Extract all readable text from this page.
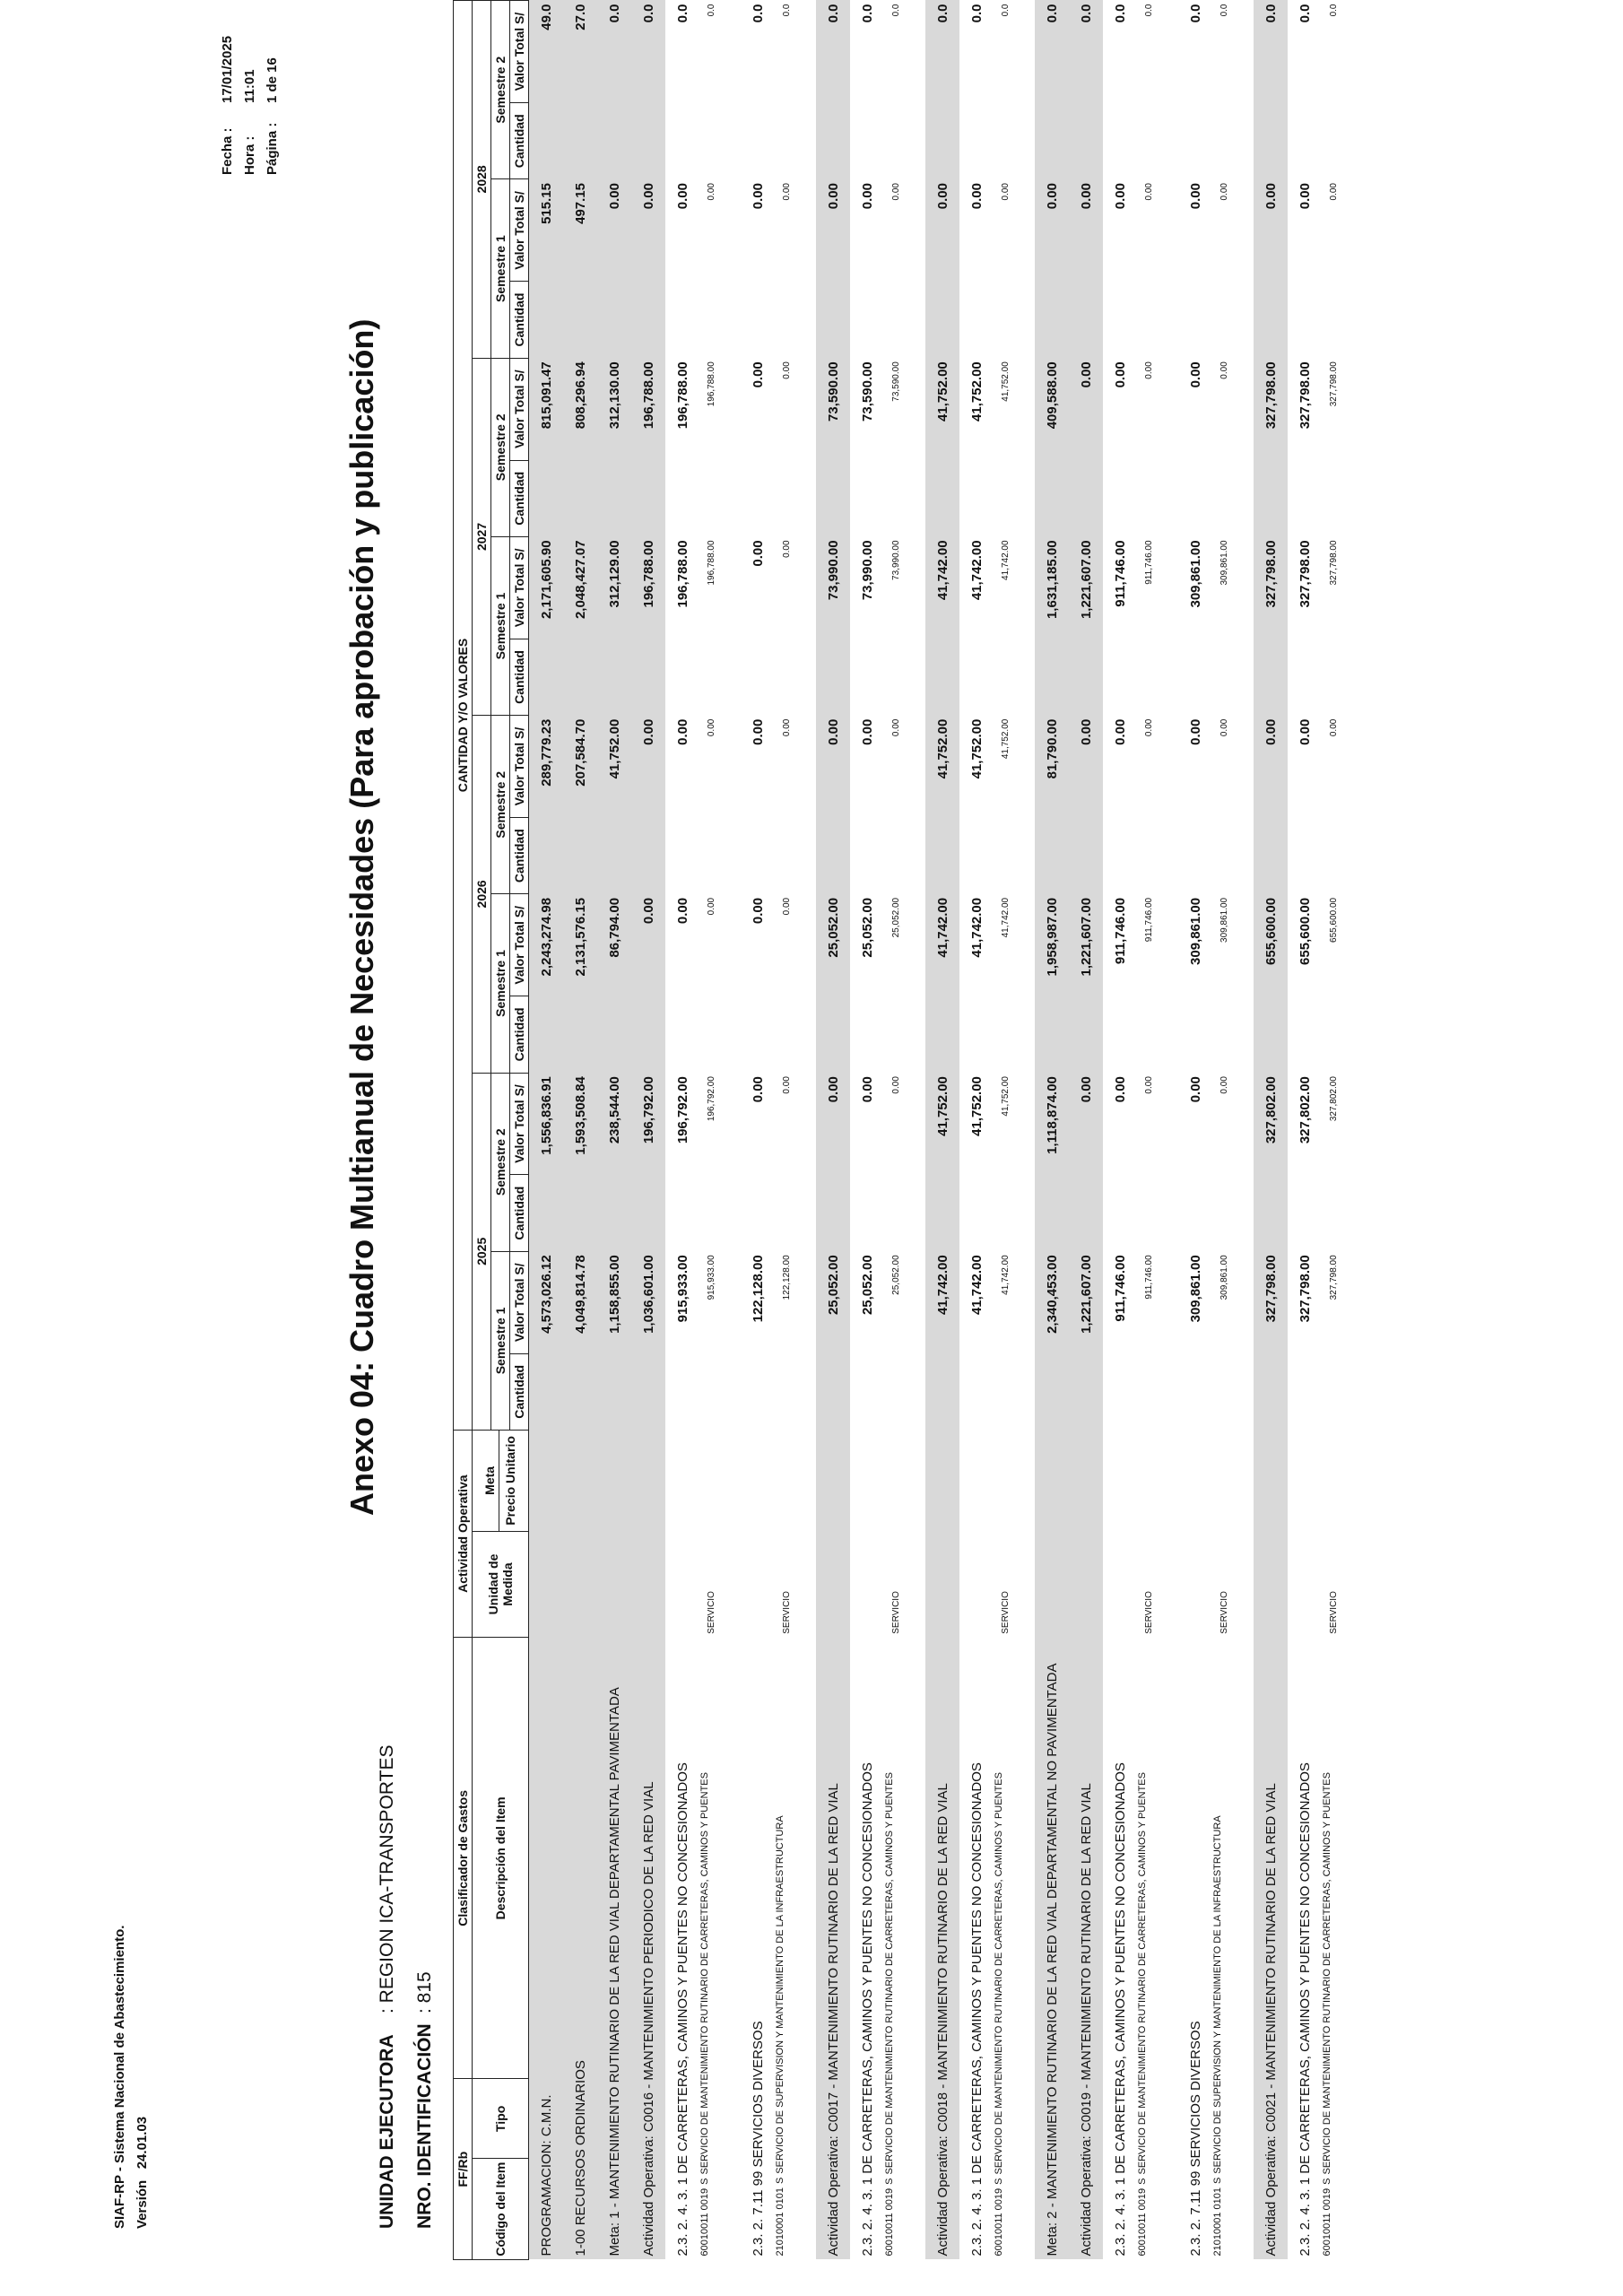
SIAF-RP - Sistema Nacional de Abastecimiento. Versión   24.01.03
Fecha :17/01/2025
Hora :11:01
Página :1 de 16
Anexo 04: Cuadro Multianual de Necesidades (Para aprobación y publicación)
UNIDAD EJECUTORA: REGION ICA-TRANSPORTES
NRO. IDENTIFICACIÓN: 815
FF/Rb		Clasificador de Gastos	Actividad Operativa		CANTIDAD Y/O VALORES															
Código del Item	Tipo	Descripción del Item	Unidad de Medida	Meta Precio Unitario	2025				2026				2027				2028			
					Semestre 1		Semestre 2		Semestre 1		Semestre 2		Semestre 1		Semestre 2		Semestre 1		Semestre 2	
					Cantidad	Valor Total S/	Cantidad	Valor Total S/	Cantidad	Valor Total S/	Cantidad	Valor Total S/	Cantidad	Valor Total S/	Cantidad	Valor Total S/	Cantidad	Valor Total S/	Cantidad	Valor Total S/
PROGRAMACION: C.M.N.						4,573,026.12		1,556,836.91		2,243,274.98		289,779.23		2,171,605.90		815,091.47		515.15		49.0
1-00 RECURSOS ORDINARIOS						4,049,814.78		1,593,508.84		2,131,576.15		207,584.70		2,048,427.07		808,296.94		497.15		27.0
Meta: 1 - MANTENIMIENTO RUTINARIO DE LA RED VIAL DEPARTAMENTAL PAVIMENTADA						1,158,855.00		238,544.00		86,794.00		41,752.00		312,129.00		312,130.00		0.00		0.0
Actividad Operativa: C0016 - MANTENIMIENTO PERIODICO DE LA RED VIAL						1,036,601.00		196,792.00		0.00		0.00		196,788.00		196,788.00		0.00		0.0
2.3. 2. 4. 3. 1 DE CARRETERAS, CAMINOS Y PUENTES NO CONCESIONADOS						915,933.00		196,792.00		0.00		0.00		196,788.00		196,788.00		0.00		0.0
60010011 0019SSERVICIO DE MANTENIMIENTO RUTINARIO DE CARRETERAS, CAMINOS Y PUENTES			SERVICIO			915,933.00		196,792.00		0.00		0.00		196,788.00		196,788.00		0.00		0.0
2.3. 2. 7.11 99 SERVICIOS DIVERSOS						122,128.00		0.00		0.00		0.00		0.00		0.00		0.00		0.0
21010001 0101SSERVICIO DE SUPERVISION Y MANTENIMIENTO DE LA INFRAESTRUCTURA			SERVICIO			122,128.00		0.00		0.00		0.00		0.00		0.00		0.00		0.0
Actividad Operativa: C0017 - MANTENIMIENTO RUTINARIO DE LA RED VIAL						25,052.00		0.00		25,052.00		0.00		73,990.00		73,590.00		0.00		0.0
2.3. 2. 4. 3. 1 DE CARRETERAS, CAMINOS Y PUENTES NO CONCESIONADOS						25,052.00		0.00		25,052.00		0.00		73,990.00		73,590.00		0.00		0.0
60010011 0019SSERVICIO DE MANTENIMIENTO RUTINARIO DE CARRETERAS, CAMINOS Y PUENTES			SERVICIO			25,052.00		0.00		25,052.00		0.00		73,990.00		73,590.00		0.00		0.0
Actividad Operativa: C0018 - MANTENIMIENTO RUTINARIO DE LA RED VIAL						41,742.00		41,752.00		41,742.00		41,752.00		41,742.00		41,752.00		0.00		0.0
2.3. 2. 4. 3. 1 DE CARRETERAS, CAMINOS Y PUENTES NO CONCESIONADOS						41,742.00		41,752.00		41,742.00		41,752.00		41,742.00		41,752.00		0.00		0.0
60010011 0019SSERVICIO DE MANTENIMIENTO RUTINARIO DE CARRETERAS, CAMINOS Y PUENTES			SERVICIO			41,742.00		41,752.00		41,742.00		41,752.00		41,742.00		41,752.00		0.00		0.0
Meta: 2 - MANTENIMIENTO RUTINARIO DE LA RED VIAL DEPARTAMENTAL NO PAVIMENTADA						2,340,453.00		1,118,874.00		1,958,987.00		81,790.00		1,631,185.00		409,588.00		0.00		0.0
Actividad Operativa: C0019 - MANTENIMIENTO RUTINARIO DE LA RED VIAL						1,221,607.00		0.00		1,221,607.00		0.00		1,221,607.00		0.00		0.00		0.0
2.3. 2. 4. 3. 1 DE CARRETERAS, CAMINOS Y PUENTES NO CONCESIONADOS						911,746.00		0.00		911,746.00		0.00		911,746.00		0.00		0.00		0.0
60010011 0019SSERVICIO DE MANTENIMIENTO RUTINARIO DE CARRETERAS, CAMINOS Y PUENTES			SERVICIO			911,746.00		0.00		911,746.00		0.00		911,746.00		0.00		0.00		0.0
2.3. 2. 7.11 99 SERVICIOS DIVERSOS						309,861.00		0.00		309,861.00		0.00		309,861.00		0.00		0.00		0.0
21010001 0101SSERVICIO DE SUPERVISION Y MANTENIMIENTO DE LA INFRAESTRUCTURA			SERVICIO			309,861.00		0.00		309,861.00		0.00		309,861.00		0.00		0.00		0.0
Actividad Operativa: C0021 - MANTENIMIENTO RUTINARIO DE LA RED VIAL						327,798.00		327,802.00		655,600.00		0.00		327,798.00		327,798.00		0.00		0.0
2.3. 2. 4. 3. 1 DE CARRETERAS, CAMINOS Y PUENTES NO CONCESIONADOS						327,798.00		327,802.00		655,600.00		0.00		327,798.00		327,798.00		0.00		0.0
60010011 0019SSERVICIO DE MANTENIMIENTO RUTINARIO DE CARRETERAS, CAMINOS Y PUENTES			SERVICIO			327,798.00		327,802.00		655,600.00		0.00		327,798.00		327,798.00		0.00		0.0
